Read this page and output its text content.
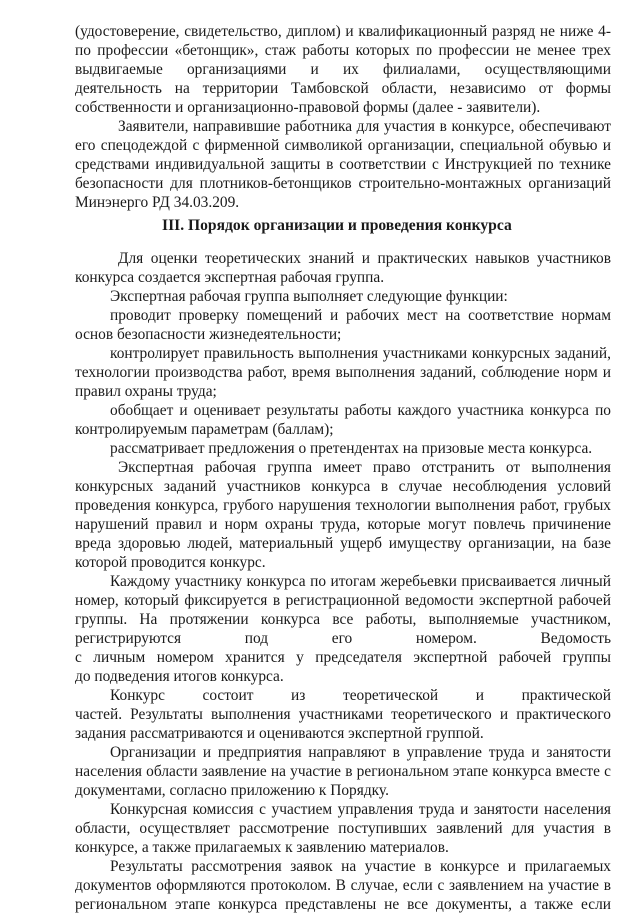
(удостоверение, свидетельство, диплом) и квалификационный разряд не ниже 4-
по профессии «бетонщик», стаж работы которых по профессии не менее трех
выдвигаемые организациями и их филиалами, осуществляющими
деятельность на территории Тамбовской области, независимо от формы
собственности и организационно-правовой формы (далее - заявители).
Заявители, направившие работника для участия в конкурсе, обеспечивают
его спецодеждой с фирменной символикой организации, специальной обувью и
средствами индивидуальной защиты в соответствии с Инструкцией по технике
безопасности для плотников-бетонщиков строительно-монтажных организаций
Минэнерго РД 34.03.209.
III. Порядок организации и проведения конкурса
Для оценки теоретических знаний и практических навыков участников
конкурса создается экспертная рабочая группа.
Экспертная рабочая группа выполняет следующие функции:
проводит проверку помещений и рабочих мест на соответствие нормам
основ безопасности жизнедеятельности;
контролирует правильность выполнения участниками конкурсных заданий,
технологии производства работ, время выполнения заданий, соблюдение норм и
правил охраны труда;
обобщает и оценивает результаты работы каждого участника конкурса по
контролируемым параметрам (баллам);
рассматривает предложения о претендентах на призовые места конкурса.
Экспертная рабочая группа имеет право отстранить от выполнения
конкурсных заданий участников конкурса в случае несоблюдения условий
проведения конкурса, грубого нарушения технологии выполнения работ, грубых
нарушений правил и норм охраны труда, которые могут повлечь причинение
вреда здоровью людей, материальный ущерб имуществу организации, на базе
которой проводится конкурс.
Каждому участнику конкурса по итогам жеребьевки присваивается личный
номер, который фиксируется в регистрационной ведомости экспертной рабочей
группы. На протяжении конкурса все работы, выполняемые участником,
регистрируются под его номером. Ведомость
с личным номером хранится у председателя экспертной рабочей группы
до подведения итогов конкурса.
Конкурс состоит из теоретической и практической
частей. Результаты выполнения участниками теоретического и практического
задания рассматриваются и оцениваются экспертной группой.
Организации и предприятия направляют в управление труда и занятости
населения области заявление на участие в региональном этапе конкурса вместе с
документами, согласно приложению к Порядку.
Конкурсная комиссия с участием управления труда и занятости населения
области, осуществляет рассмотрение поступивших заявлений для участия в
конкурсе, а также прилагаемых к заявлению материалов.
Результаты рассмотрения заявок на участие в конкурсе и прилагаемых
документов оформляются протоколом. В случае, если с заявлением на участие в
региональном этапе конкурса представлены не все документы, а также если
